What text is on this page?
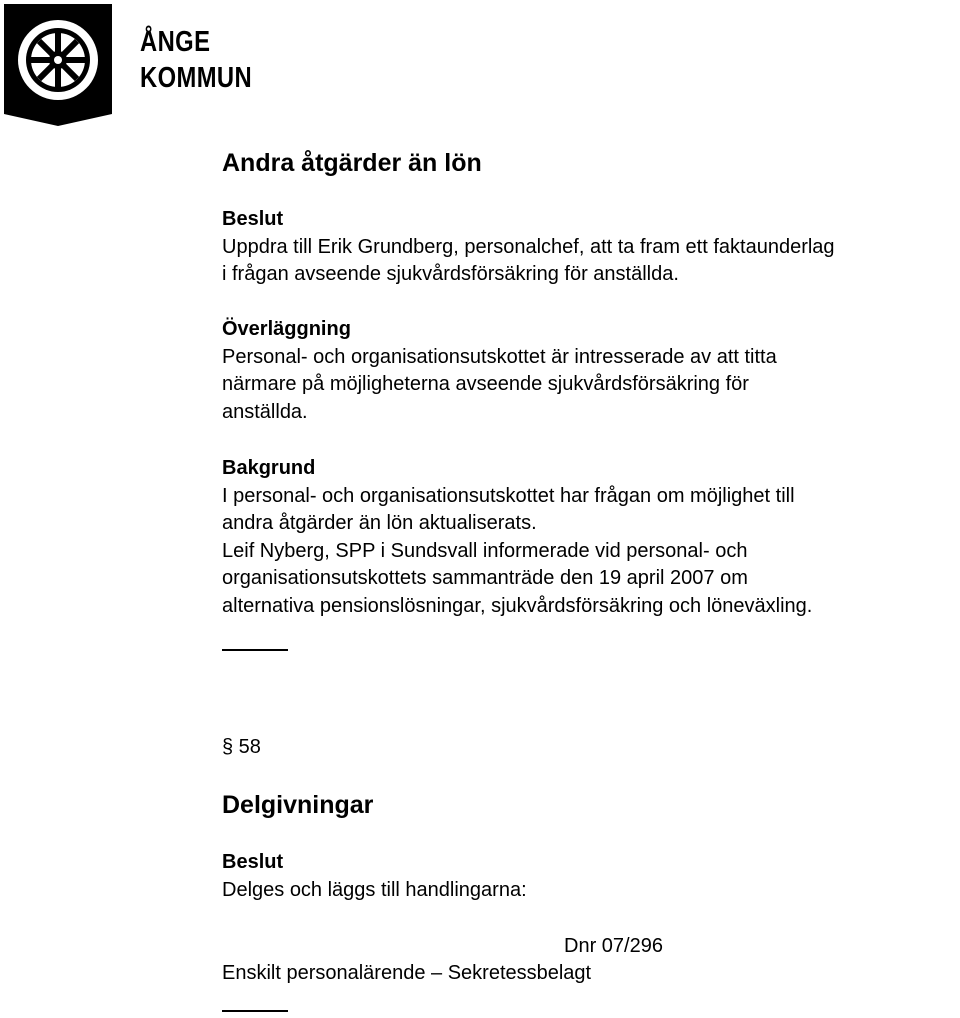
ÅNGE
KOMMUN
Andra åtgärder än lön
Beslut
Uppdra till Erik Grundberg, personalchef, att ta fram ett faktaunderlag
i frågan avseende sjukvårdsförsäkring för anställda.
Överläggning
Personal- och organisationsutskottet är intresserade av att titta
närmare på möjligheterna avseende sjukvårdsförsäkring för
anställda.
Bakgrund
I personal- och organisationsutskottet har frågan om möjlighet till
andra åtgärder än lön aktualiserats.
Leif Nyberg, SPP i Sundsvall informerade vid personal- och
organisationsutskottets sammanträde den 19 april 2007 om
alternativa pensionslösningar, sjukvårdsförsäkring och löneväxling.
§ 58
Delgivningar
Beslut
Delges och läggs till handlingarna:
Dnr 07/296
Enskilt personalärende – Sekretessbelagt
